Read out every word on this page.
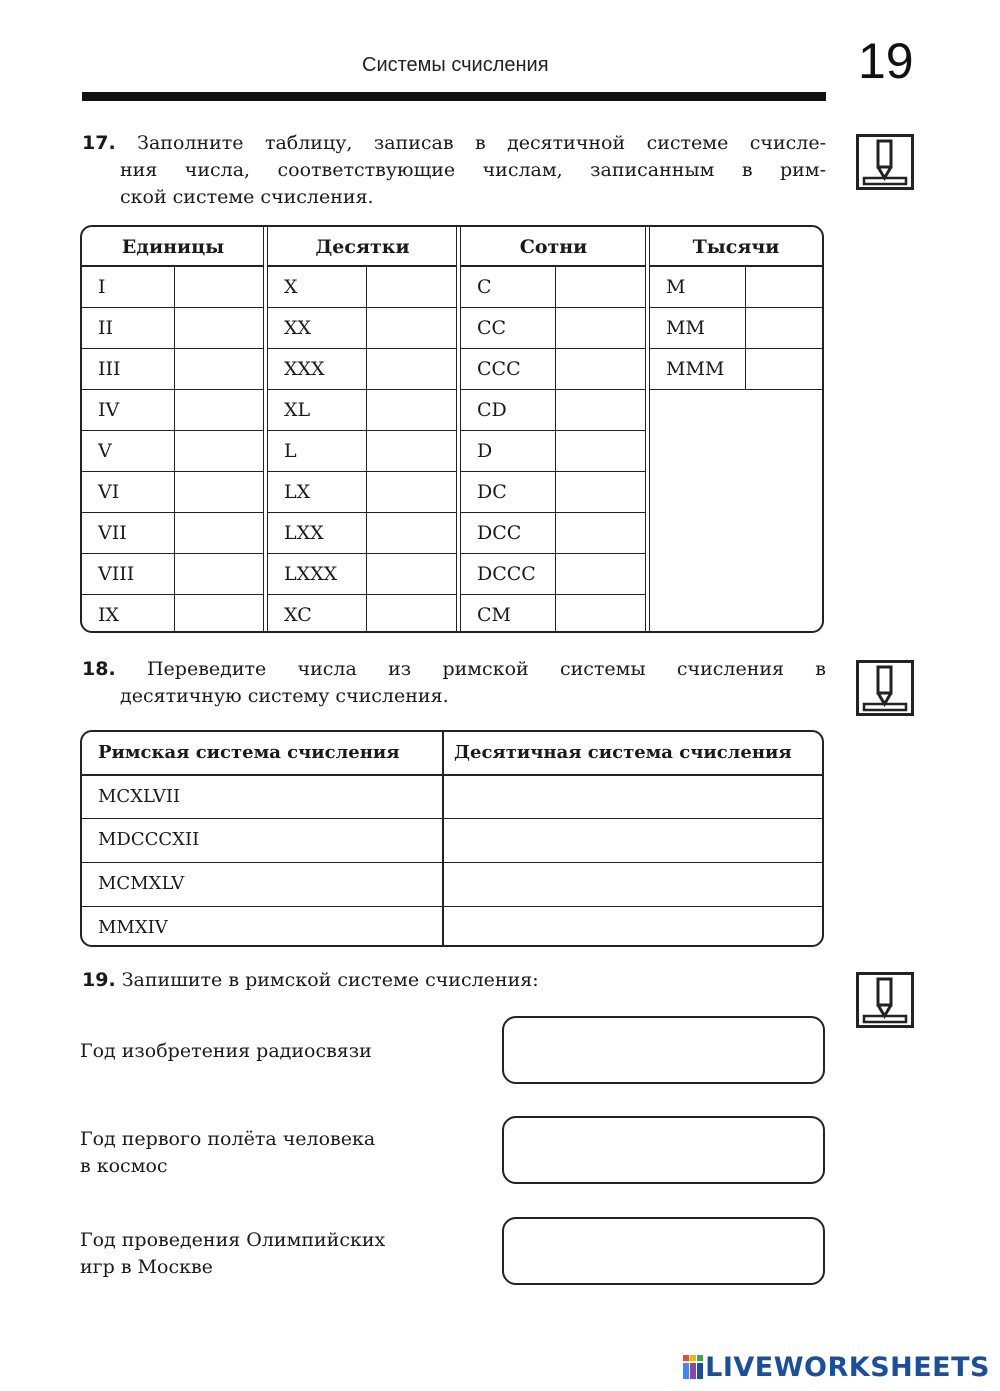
Системы счисления	19
17. Заполните таблицу, записав в десятичной системе счисле-
ния числа, соответствующие числам, записанным в рим-
ской системе счисления.
Единицы
I
II
III
IV
V
VI
VII
VIII
IX
Десятки
X
XX
XXX
XL
L
LX
LXX
LXXX
XC
Сотни
C
CC
CCC
CD
D
DC
DCC
DCCC
CM
Тысячи
M
MM
MMM
18. Переведите числа из римской системы счисления в
десятичную систему счисления.
Римская система счисления	Десятичная система счисления
MCXLVII
MDCCCXII
MCMXLV
MMXIV
19. Запишите в римской системе счисления:
Год изобретения радиосвязи
Год первого полёта человека
в космос
Год проведения Олимпийских
игр в Москве
LIVEWORKSHEETS
